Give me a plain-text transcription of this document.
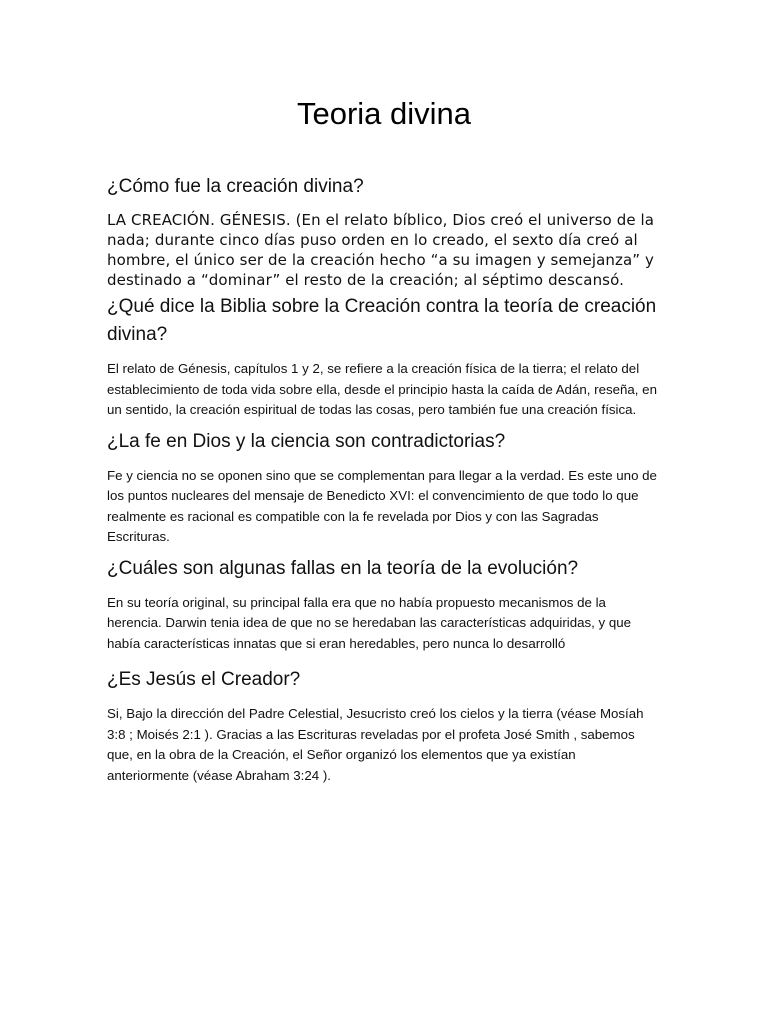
Teoria divina
¿Cómo fue la creación divina?

LA CREACIÓN. GÉNESIS. (En el relato bíblico, Dios creó el universo de la nada; durante cinco días puso orden en lo creado, el sexto día creó al hombre, el único ser de la creación hecho “a su imagen y semejanza” y destinado a “dominar” el resto de la creación; al séptimo descansó.

¿Qué dice la Biblia sobre la Creación contra la teoría de creación divina?

El relato de Génesis, capítulos 1 y 2, se refiere a la creación física de la tierra; el relato del establecimiento de toda vida sobre ella, desde el principio hasta la caída de Adán, reseña, en un sentido, la creación espiritual de todas las cosas, pero también fue una creación física.

¿La fe en Dios y la ciencia son contradictorias?

Fe y ciencia no se oponen sino que se complementan para llegar a la verdad. Es este uno de los puntos nucleares del mensaje de Benedicto XVI: el convencimiento de que todo lo que realmente es racional es compatible con la fe revelada por Dios y con las Sagradas Escrituras.

¿Cuáles son algunas fallas en la teoría de la evolución?

En su teoría original, su principal falla era que no había propuesto mecanismos de la herencia. Darwin tenia idea de que no se heredaban las características adquiridas, y que había características innatas que si eran heredables, pero nunca lo desarrolló

¿Es Jesús el Creador?

Si, Bajo la dirección del Padre Celestial, Jesucristo creó los cielos y la tierra (véase Mosíah 3:8 ; Moisés 2:1 ). Gracias a las Escrituras reveladas por el profeta José Smith , sabemos que, en la obra de la Creación, el Señor organizó los elementos que ya existían anteriormente (véase Abraham 3:24 ).
